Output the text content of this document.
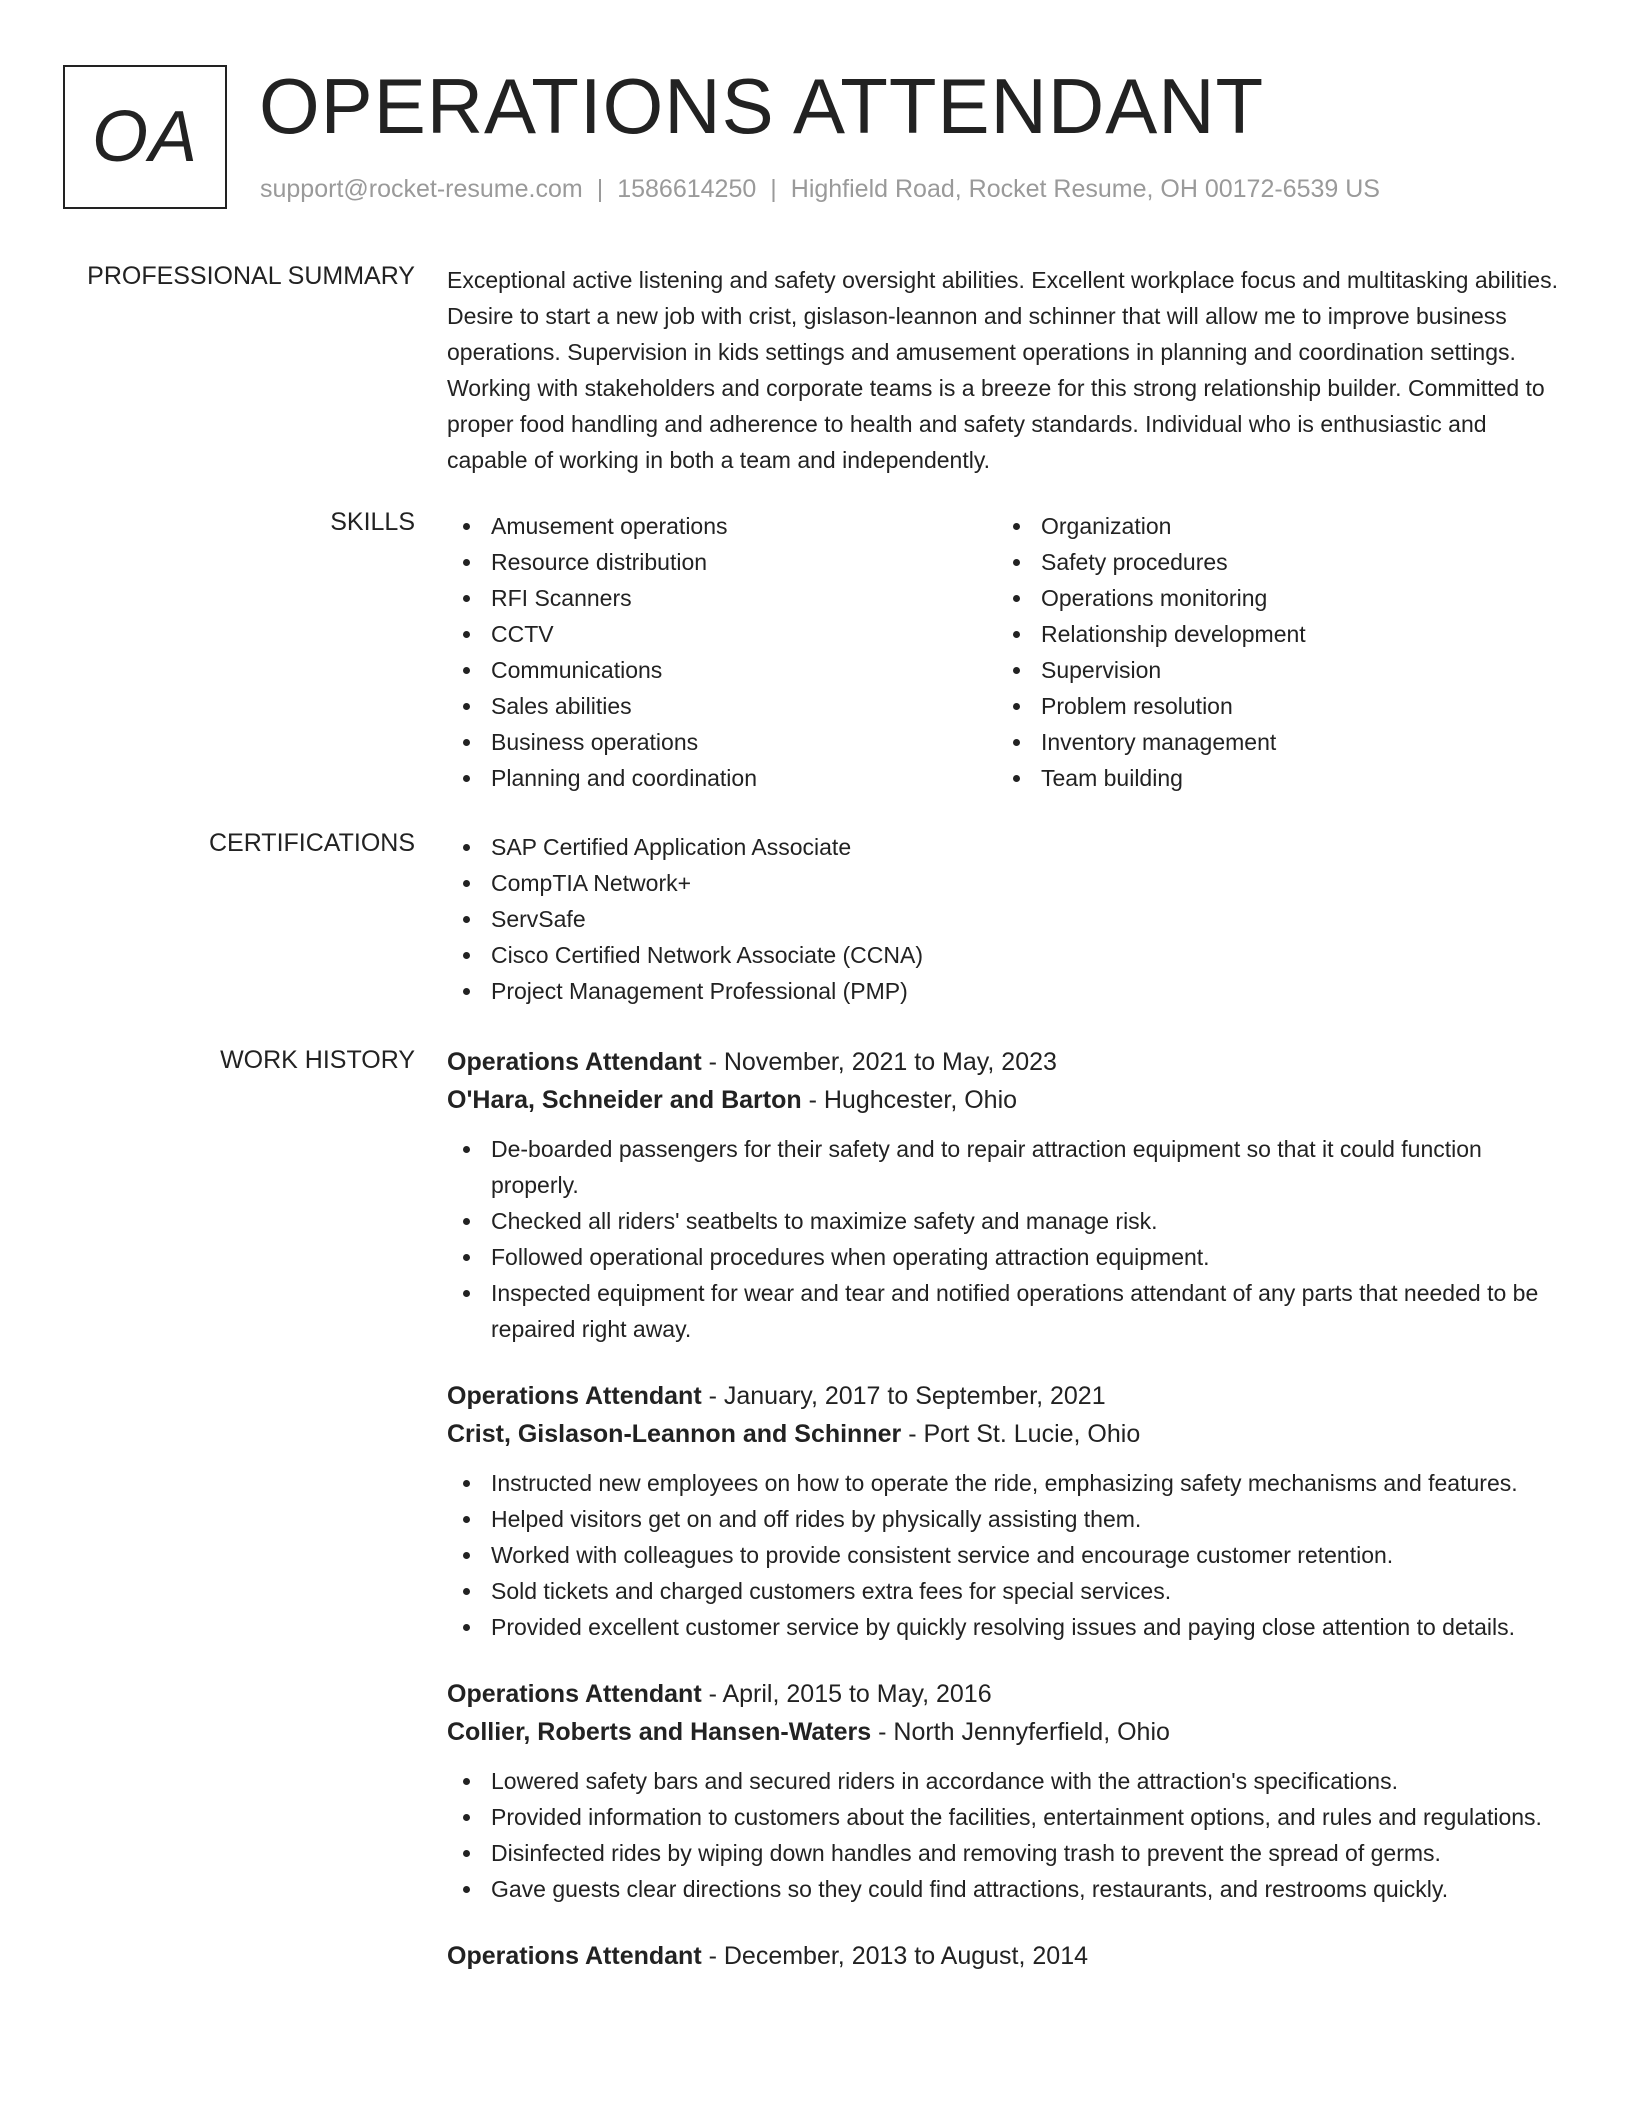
OA OPERATIONS ATTENDANT
support@rocket-resume.com | 1586614250 | Highfield Road, Rocket Resume, OH 00172-6539 US
PROFESSIONAL SUMMARY Exceptional active listening and safety oversight abilities. Excellent workplace focus and multitasking abilities. Desire to start a new job with crist, gislason-leannon and schinner that will allow me to improve business operations. Supervision in kids settings and amusement operations in planning and coordination settings. Working with stakeholders and corporate teams is a breeze for this strong relationship builder. Committed to proper food handling and adherence to health and safety standards. Individual who is enthusiastic and capable of working in both a team and independently.
SKILLS	Amusement operations
Resource distribution
RFI Scanners
CCTV
Communications
Sales abilities
Business operations
Planning and coordination
Organization
Safety procedures
Operations monitoring
Relationship development
Supervision
Problem resolution
Inventory management
Team building
CERTIFICATIONS	SAP Certified Application Associate
CompTIA Network+
ServSafe
Cisco Certified Network Associate (CCNA)
Project Management Professional (PMP)
WORK HISTORY Operations Attendant - November, 2021 to May, 2023
O'Hara, Schneider and Barton - Hughcester, Ohio
De-boarded passengers for their safety and to repair attraction equipment so that it could function properly.
Checked all riders' seatbelts to maximize safety and manage risk.
Followed operational procedures when operating attraction equipment.
Inspected equipment for wear and tear and notified operations attendant of any parts that needed to be repaired right away.
Operations Attendant - January, 2017 to September, 2021
Crist, Gislason-Leannon and Schinner - Port St. Lucie, Ohio
Instructed new employees on how to operate the ride, emphasizing safety mechanisms and features.
Helped visitors get on and off rides by physically assisting them.
Worked with colleagues to provide consistent service and encourage customer retention.
Sold tickets and charged customers extra fees for special services.
Provided excellent customer service by quickly resolving issues and paying close attention to details.
Operations Attendant - April, 2015 to May, 2016
Collier, Roberts and Hansen-Waters - North Jennyferfield, Ohio
Lowered safety bars and secured riders in accordance with the attraction's specifications.
Provided information to customers about the facilities, entertainment options, and rules and regulations.
Disinfected rides by wiping down handles and removing trash to prevent the spread of germs.
Gave guests clear directions so they could find attractions, restaurants, and restrooms quickly.
Operations Attendant - December, 2013 to August, 2014
